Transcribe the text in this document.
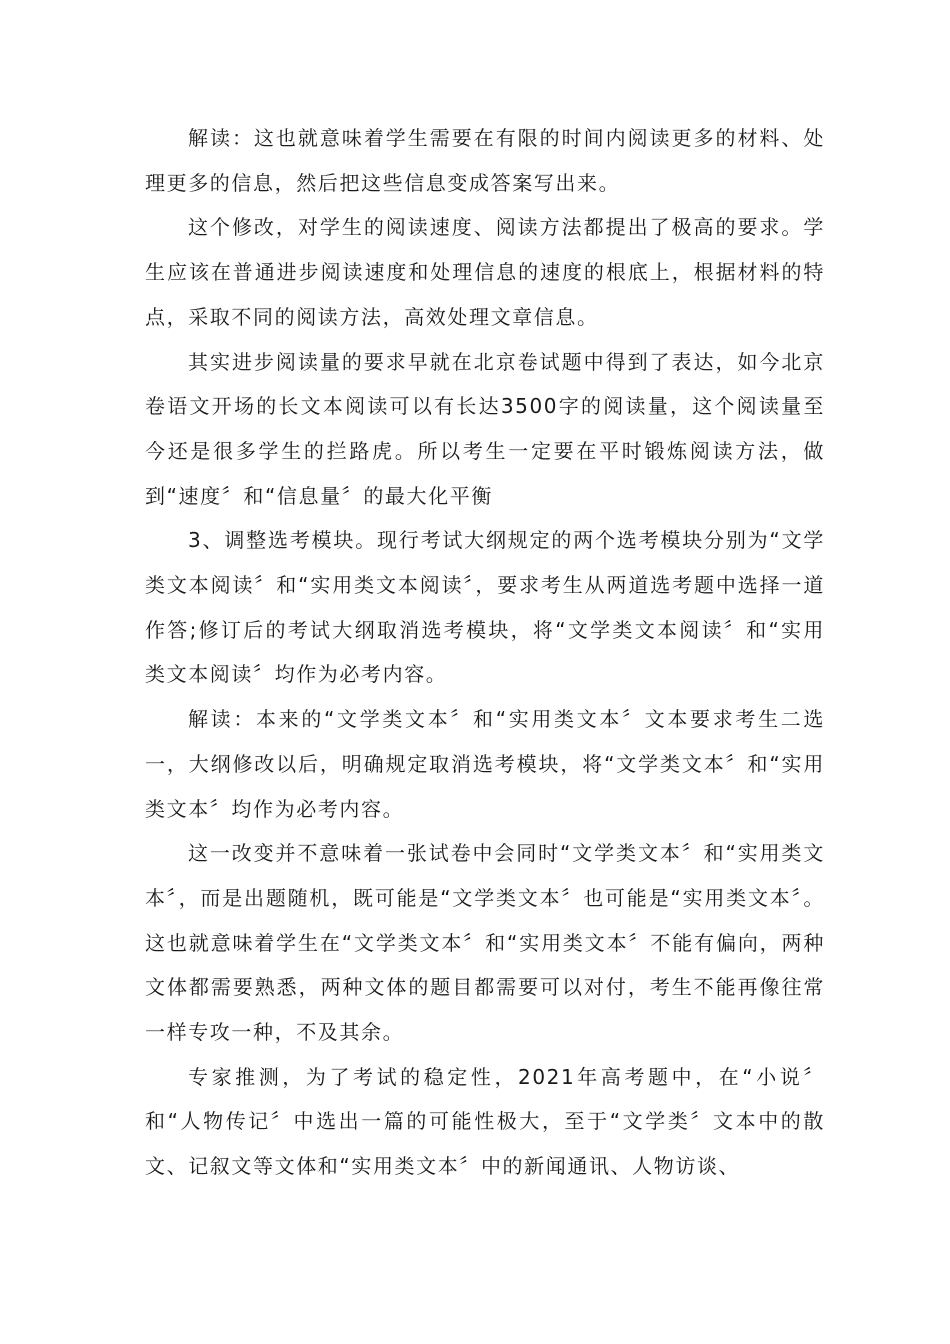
解读：这也就意味着学生需要在有限的时间内阅读更多的材料、处理更多的信息，然后把这些信息变成答案写出来。

这个修改，对学生的阅读速度、阅读方法都提出了极高的要求。学生应该在普通进步阅读速度和处理信息的速度的根底上，根据材料的特点，采取不同的阅读方法，高效处理文章信息。

其实进步阅读量的要求早就在北京卷试题中得到了表达，如今北京卷语文开场的长文本阅读可以有长达3500字的阅读量，这个阅读量至今还是很多学生的拦路虎。所以考生一定要在平时锻炼阅读方法，做到“速度〞和“信息量〞的最大化平衡

3、调整选考模块。现行考试大纲规定的两个选考模块分别为“文学类文本阅读〞和“实用类文本阅读〞，要求考生从两道选考题中选择一道作答;修订后的考试大纲取消选考模块，将“文学类文本阅读〞和“实用类文本阅读〞均作为必考内容。

解读：本来的“文学类文本〞和“实用类文本〞文本要求考生二选一，大纲修改以后，明确规定取消选考模块，将“文学类文本〞和“实用类文本〞均作为必考内容。

这一改变并不意味着一张试卷中会同时“文学类文本〞和“实用类文本〞，而是出题随机，既可能是“文学类文本〞也可能是“实用类文本〞。这也就意味着学生在“文学类文本〞和“实用类文本〞不能有偏向，两种文体都需要熟悉，两种文体的题目都需要可以对付，考生不能再像往常一样专攻一种，不及其余。

专家推测，为了考试的稳定性，2021年高考题中，在“小说〞和“人物传记〞中选出一篇的可能性极大，至于“文学类〞文本中的散文、记叙文等文体和“实用类文本〞中的新闻通讯、人物访谈、
